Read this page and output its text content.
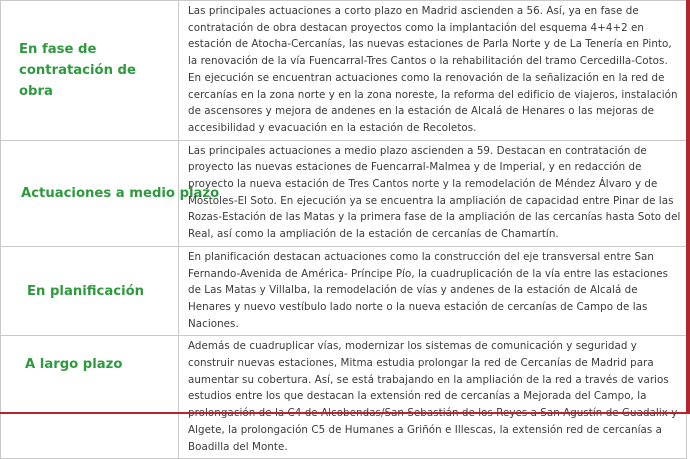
En fase de contratación de obra	Las principales actuaciones a corto plazo en Madrid ascienden a 56. Así, ya en fase de contratación de obra destacan proyectos como la implantación del esquema 4+4+2 en estación de Atocha-Cercanías, las nuevas estaciones de Parla Norte y de La Tenería en Pinto, la renovación de la vía Fuencarral-Tres Cantos o la rehabilitación del tramo Cercedilla-Cotos. En ejecución se encuentran actuaciones como la renovación de la señalización en la red de cercanías en la zona norte y en la zona noreste, la reforma del edificio de viajeros, instalación de ascensores y mejora de andenes en la estación de Alcalá de Henares o las mejoras de accesibilidad y evacuación en la estación de Recoletos.

Actuaciones a medio plazo	Las principales actuaciones a medio plazo ascienden a 59. Destacan en contratación de proyecto las nuevas estaciones de Fuencarral-Malmea y de Imperial, y en redacción de proyecto la nueva estación de Tres Cantos norte y la remodelación de Méndez Álvaro y de Móstoles-El Soto. En ejecución ya se encuentra la ampliación de capacidad entre Pinar de las Rozas-Estación de las Matas y la primera fase de la ampliación de las cercanías hasta Soto del Real, así como la ampliación de la estación de cercanías de Chamartín.

En planificación	En planificación destacan actuaciones como la construcción del eje transversal entre San Fernando-Avenida de América- Príncipe Pío, la cuadruplicación de la vía entre las estaciones de Las Matas y Villalba, la remodelación de vías y andenes de la estación de Alcalá de Henares y nuevo vestíbulo lado norte o la nueva estación de cercanías de Campo de las Naciones.

A largo plazo	Además de cuadruplicar vías, modernizar los sistemas de comunicación y seguridad y construir nuevas estaciones, Mitma estudia prolongar la red de Cercanías de Madrid para aumentar su cobertura. Así, se está trabajando en la ampliación de la red a través de varios estudios entre los que destacan la extensión red de cercanías a Mejorada del Campo, la Algete, la prolongación C5 de Humanes a Griñón e Illescas, la extensión red de cercanías a Boadilla del Monte.
